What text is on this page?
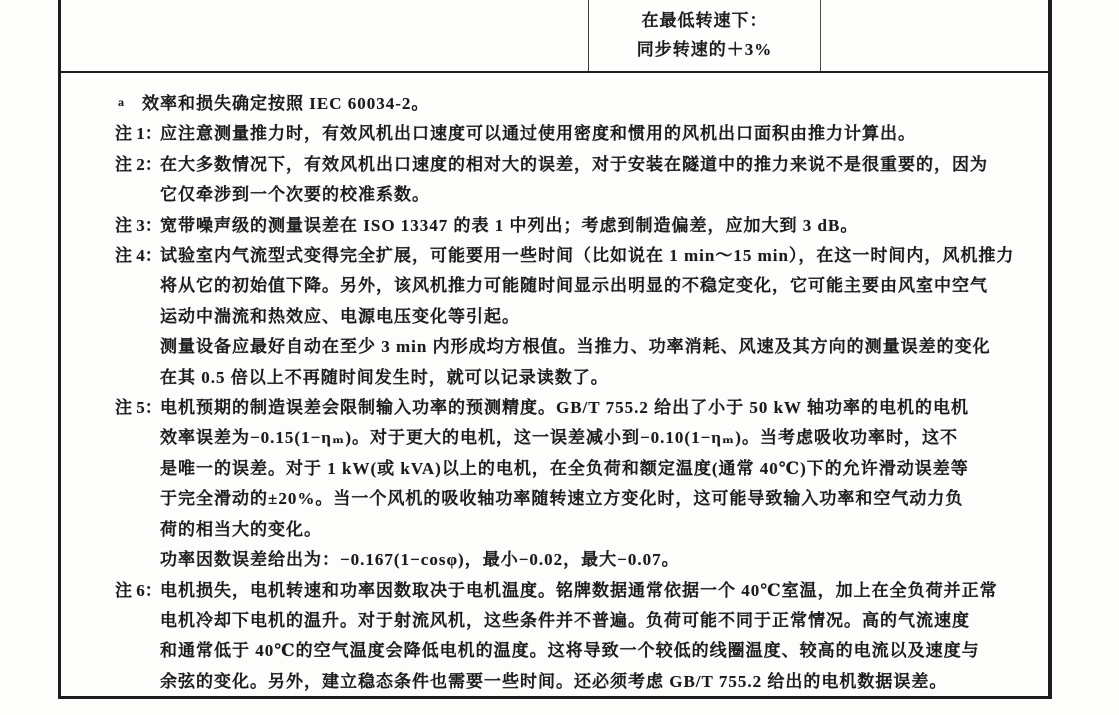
在最低转速下：
同步转速的＋3%
a 效率和损失确定按照 IEC 60034-2。
注 1：
应注意测量推力时，有效风机出口速度可以通过使用密度和惯用的风机出口面积由推力计算出。
注 2：
在大多数情况下，有效风机出口速度的相对大的误差，对于安装在隧道中的推力来说不是很重要的，因为
它仅牵涉到一个次要的校准系数。
注 3：
宽带噪声级的测量误差在 ISO 13347 的表 1 中列出；考虑到制造偏差，应加大到 3 dB。
注 4：
试验室内气流型式变得完全扩展，可能要用一些时间（比如说在 1 min～15 min），在这一时间内，风机推力
将从它的初始值下降。另外，该风机推力可能随时间显示出明显的不稳定变化，它可能主要由风室中空气
运动中湍流和热效应、电源电压变化等引起。
测量设备应最好自动在至少 3 min 内形成均方根值。当推力、功率消耗、风速及其方向的测量误差的变化
在其 0.5 倍以上不再随时间发生时，就可以记录读数了。
注 5：
电机预期的制造误差会限制输入功率的预测精度。GB/T 755.2 给出了小于 50 kW 轴功率的电机的电机
效率误差为−0.15(1−ηₘ)。对于更大的电机，这一误差减小到−0.10(1−ηₘ)。当考虑吸收功率时，这不
是唯一的误差。对于 1 kW(或 kVA)以上的电机，在全负荷和额定温度(通常 40℃)下的允许滑动误差等
于完全滑动的±20%。当一个风机的吸收轴功率随转速立方变化时，这可能导致输入功率和空气动力负
荷的相当大的变化。
功率因数误差给出为：−0.167(1−cosφ)，最小−0.02，最大−0.07。
注 6：
电机损失，电机转速和功率因数取决于电机温度。铭牌数据通常依据一个 40℃室温，加上在全负荷并正常
电机冷却下电机的温升。对于射流风机，这些条件并不普遍。负荷可能不同于正常情况。高的气流速度
和通常低于 40℃的空气温度会降低电机的温度。这将导致一个较低的线圈温度、较高的电流以及速度与
余弦的变化。另外，建立稳态条件也需要一些时间。还必须考虑 GB/T 755.2 给出的电机数据误差。
